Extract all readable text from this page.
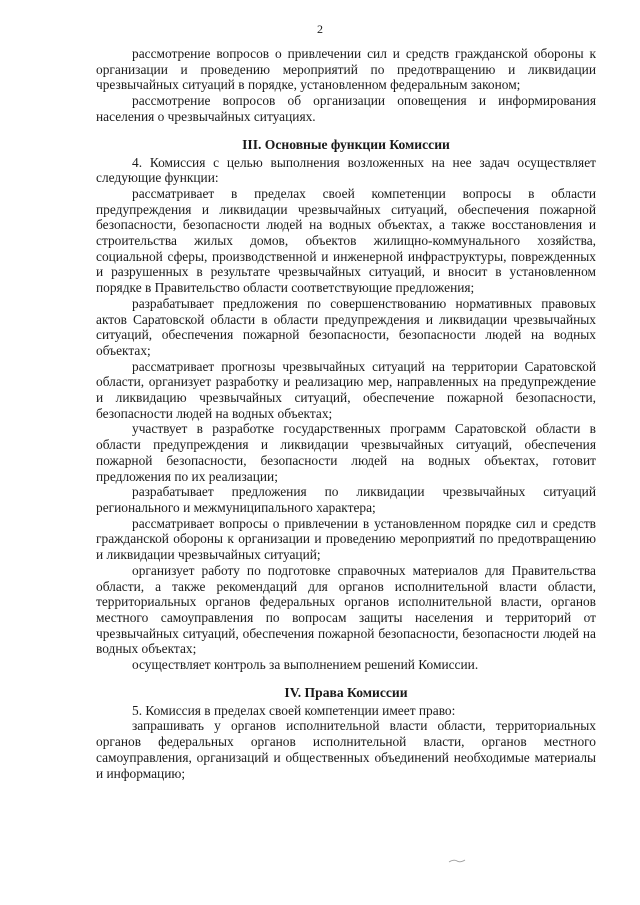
2

рассмотрение вопросов о привлечении сил и средств гражданской обороны к организации и проведению мероприятий по предотвращению и ликвидации чрезвычайных ситуаций в порядке, установленном федеральным законом;

рассмотрение вопросов об организации оповещения и информирования населения о чрезвычайных ситуациях.

III. Основные функции Комиссии

4. Комиссия с целью выполнения возложенных на нее задач осуществляет следующие функции:

рассматривает в пределах своей компетенции вопросы в области предупреждения и ликвидации чрезвычайных ситуаций, обеспечения пожарной безопасности, безопасности людей на водных объектах, а также восстановления и строительства жилых домов, объектов жилищно-коммунального хозяйства, социальной сферы, производственной и инженерной инфраструктуры, поврежденных и разрушенных в результате чрезвычайных ситуаций, и вносит в установленном порядке в Правительство области соответствующие предложения;

разрабатывает предложения по совершенствованию нормативных правовых актов Саратовской области в области предупреждения и ликвидации чрезвычайных ситуаций, обеспечения пожарной безопасности, безопасности людей на водных объектах;

рассматривает прогнозы чрезвычайных ситуаций на территории Саратовской области, организует разработку и реализацию мер, направленных на предупреждение и ликвидацию чрезвычайных ситуаций, обеспечение пожарной безопасности, безопасности людей на водных объектах;

участвует в разработке государственных программ Саратовской области в области предупреждения и ликвидации чрезвычайных ситуаций, обеспечения пожарной безопасности, безопасности людей на водных объектах, готовит предложения по их реализации;

разрабатывает предложения по ликвидации чрезвычайных ситуаций регионального и межмуниципального характера;

рассматривает вопросы о привлечении в установленном порядке сил и средств гражданской обороны к организации и проведению мероприятий по предотвращению и ликвидации чрезвычайных ситуаций;

организует работу по подготовке справочных материалов для Правительства области, а также рекомендаций для органов исполнительной власти области, территориальных органов федеральных органов исполнительной власти, органов местного самоуправления по вопросам защиты населения и территорий от чрезвычайных ситуаций, обеспечения пожарной безопасности, безопасности людей на водных объектах;

осуществляет контроль за выполнением решений Комиссии.

IV. Права Комиссии

5. Комиссия в пределах своей компетенции имеет право:

запрашивать у органов исполнительной власти области, территориальных органов федеральных органов исполнительной власти, органов местного самоуправления, организаций и общественных объединений необходимые материалы и информацию;
